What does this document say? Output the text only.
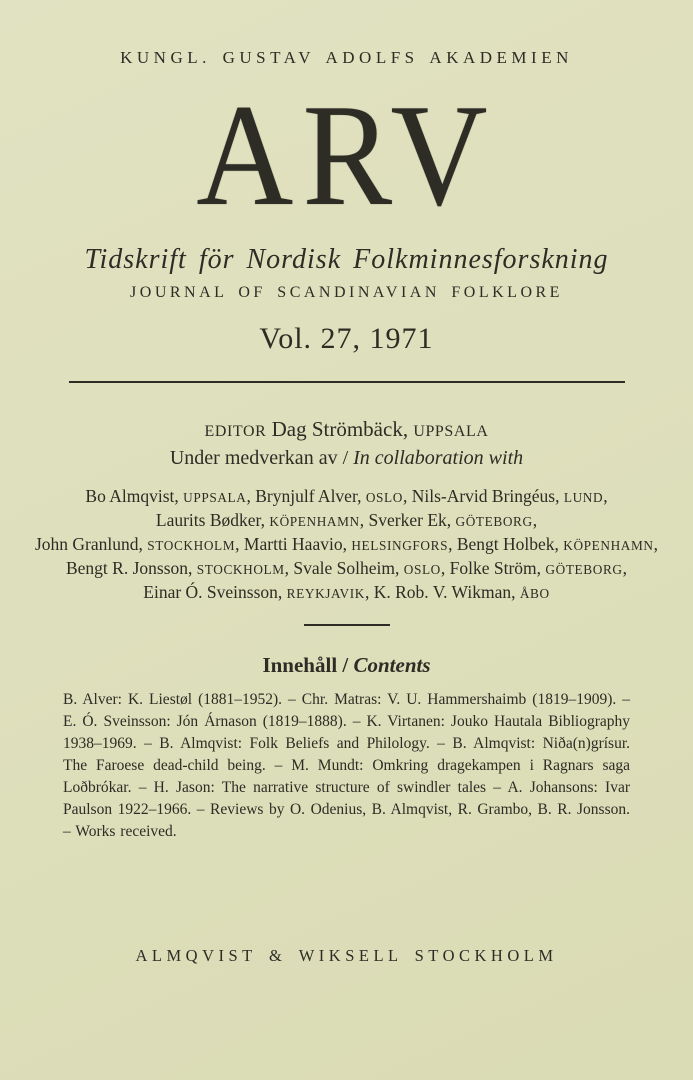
KUNGL. GUSTAV ADOLFS AKADEMIEN
ARV
Tidskrift för Nordisk Folkminnesforskning
JOURNAL OF SCANDINAVIAN FOLKLORE
Vol. 27, 1971
EDITOR Dag Strömbäck, UPPSALA
Under medverkan av / In collaboration with
Bo Almqvist, UPPSALA, Brynjulf Alver, OSLO, Nils-Arvid Bringéus, LUND,
Laurits Bødker, KÖPENHAMN, Sverker Ek, GÖTEBORG,
John Granlund, STOCKHOLM, Martti Haavio, HELSINGFORS, Bengt Holbek, KÖPENHAMN,
Bengt R. Jonsson, STOCKHOLM, Svale Solheim, OSLO, Folke Ström, GÖTEBORG,
Einar Ó. Sveinsson, REYKJAVIK, K. Rob. V. Wikman, ÅBO
Innehåll / Contents
B. Alver: K. Liestøl (1881–1952). – Chr. Matras: V. U. Hammershaimb (1819–1909). – E. Ó. Sveinsson: Jón Árnason (1819–1888). – K. Virtanen: Jouko Hautala Bibliography 1938–1969. – B. Almqvist: Folk Beliefs and Philology. – B. Almqvist: Niða(n)grísur. The Faroese dead-child being. – M. Mundt: Omkring dragekampen i Ragnars saga Loðbrókar. – H. Jason: The narrative structure of swindler tales – A. Johansons: Ivar Paulson 1922–1966. – Reviews by O. Odenius, B. Almqvist, R. Grambo, B. R. Jonsson. – Works received.
ALMQVIST & WIKSELL STOCKHOLM
